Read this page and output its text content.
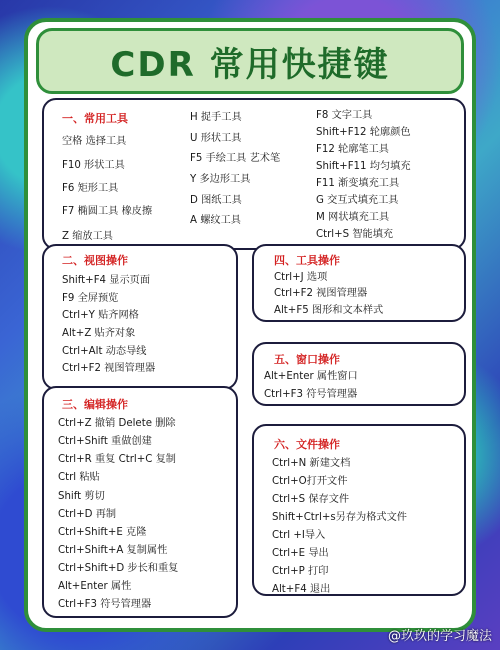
CDR 常用快捷键
一、常用工具
空格 选择工具
F10 形状工具
F6 矩形工具
F7 椭圆工具 橡皮擦
Z 缩放工具
H 捉手工具
U 形状工具
F5 手绘工具 艺术笔
Y 多边形工具
D 图纸工具
A 螺纹工具
F8 文字工具
Shift+F12 轮廓颜色
F12 轮廓笔工具
Shift+F11 均匀填充
F11 渐变填充工具
G 交互式填充工具
M 网状填充工具
Ctrl+S 智能填充
二、视图操作
Shift+F4 显示页面
F9 全屏预览
Ctrl+Y 贴齐网格
Alt+Z 贴齐对象
Ctrl+Alt 动态导线
Ctrl+F2 视图管理器
四、工具操作
Ctrl+J 选项
Ctrl+F2 视图管理器
Alt+F5 图形和文本样式
五、窗口操作
Alt+Enter 属性窗口
Ctrl+F3 符号管理器
三、编辑操作
Ctrl+Z 撤销 Delete 删除
Ctrl+Shift 重做创建
Ctrl+R 重复 Ctrl+C 复制
Ctrl 粘贴
Shift 剪切
Ctrl+D 再制
Ctrl+Shift+E 克隆
Ctrl+Shift+A 复制属性
Ctrl+Shift+D 步长和重复
Alt+Enter 属性
Ctrl+F3 符号管理器
六、文件操作
Ctrl+N 新建文档
Ctrl+O打开文件
Ctrl+S 保存文件
Shift+Ctrl+s另存为格式文件
Ctrl +I导入
Ctrl+E 导出
Ctrl+P 打印
Alt+F4 退出
@玖玖的学习魔法
